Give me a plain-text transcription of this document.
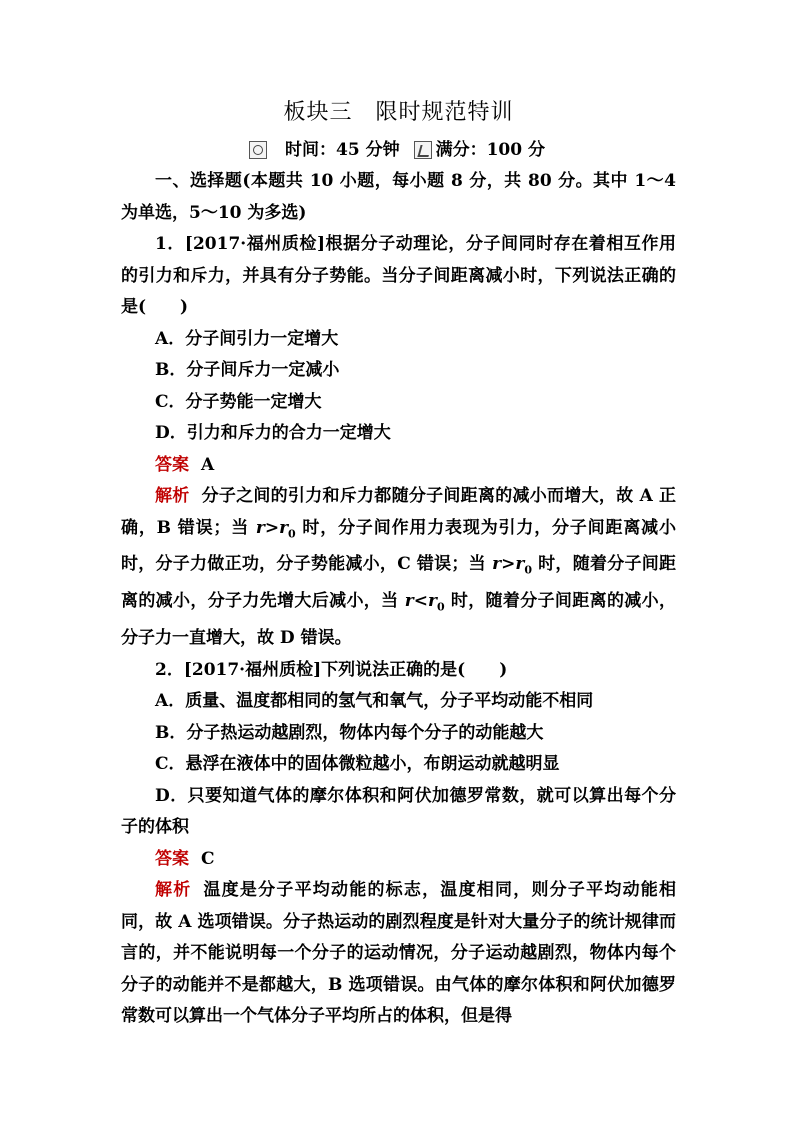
板块三　限时规范特训
时间：45 分钟 满分：100 分

一、选择题(本题共 10 小题，每小题 8 分，共 80 分。其中 1～4为单选，5～10 为多选)

1．[2017·福州质检]根据分子动理论，分子间同时存在着相互作用的引力和斥力，并具有分子势能。当分子间距离减小时，下列说法正确的是(　　)

A．分子间引力一定增大

B．分子间斥力一定减小

C．分子势能一定增大

D．引力和斥力的合力一定增大

答案 A

解析 分子之间的引力和斥力都随分子间距离的减小而增大，故 A 正确，B 错误；当 $r>r_0$ 时，分子间作用力表现为引力，分子间距离减小时，分子力做正功，分子势能减小，C 错误；当 $r>r_0$ 时，随着分子间距离的减小，分子力先增大后减小，当 $r<r_0$ 时，随着分子间距离的减小，分子力一直增大，故 D 错误。

2．[2017·福州质检]下列说法正确的是(　　)

A．质量、温度都相同的氢气和氧气，分子平均动能不相同

B．分子热运动越剧烈，物体内每个分子的动能越大

C．悬浮在液体中的固体微粒越小，布朗运动就越明显

D．只要知道气体的摩尔体积和阿伏加德罗常数，就可以算出每个分子的体积

答案 C

解析 温度是分子平均动能的标志，温度相同，则分子平均动能相同，故 A 选项错误。分子热运动的剧烈程度是针对大量分子的统计规律而言的，并不能说明每一个分子的运动情况，分子运动越剧烈，物体内每个分子的动能并不是都越大，B 选项错误。由气体的摩尔体积和阿伏加德罗常数可以算出一个气体分子平均所占的体积，但是得
